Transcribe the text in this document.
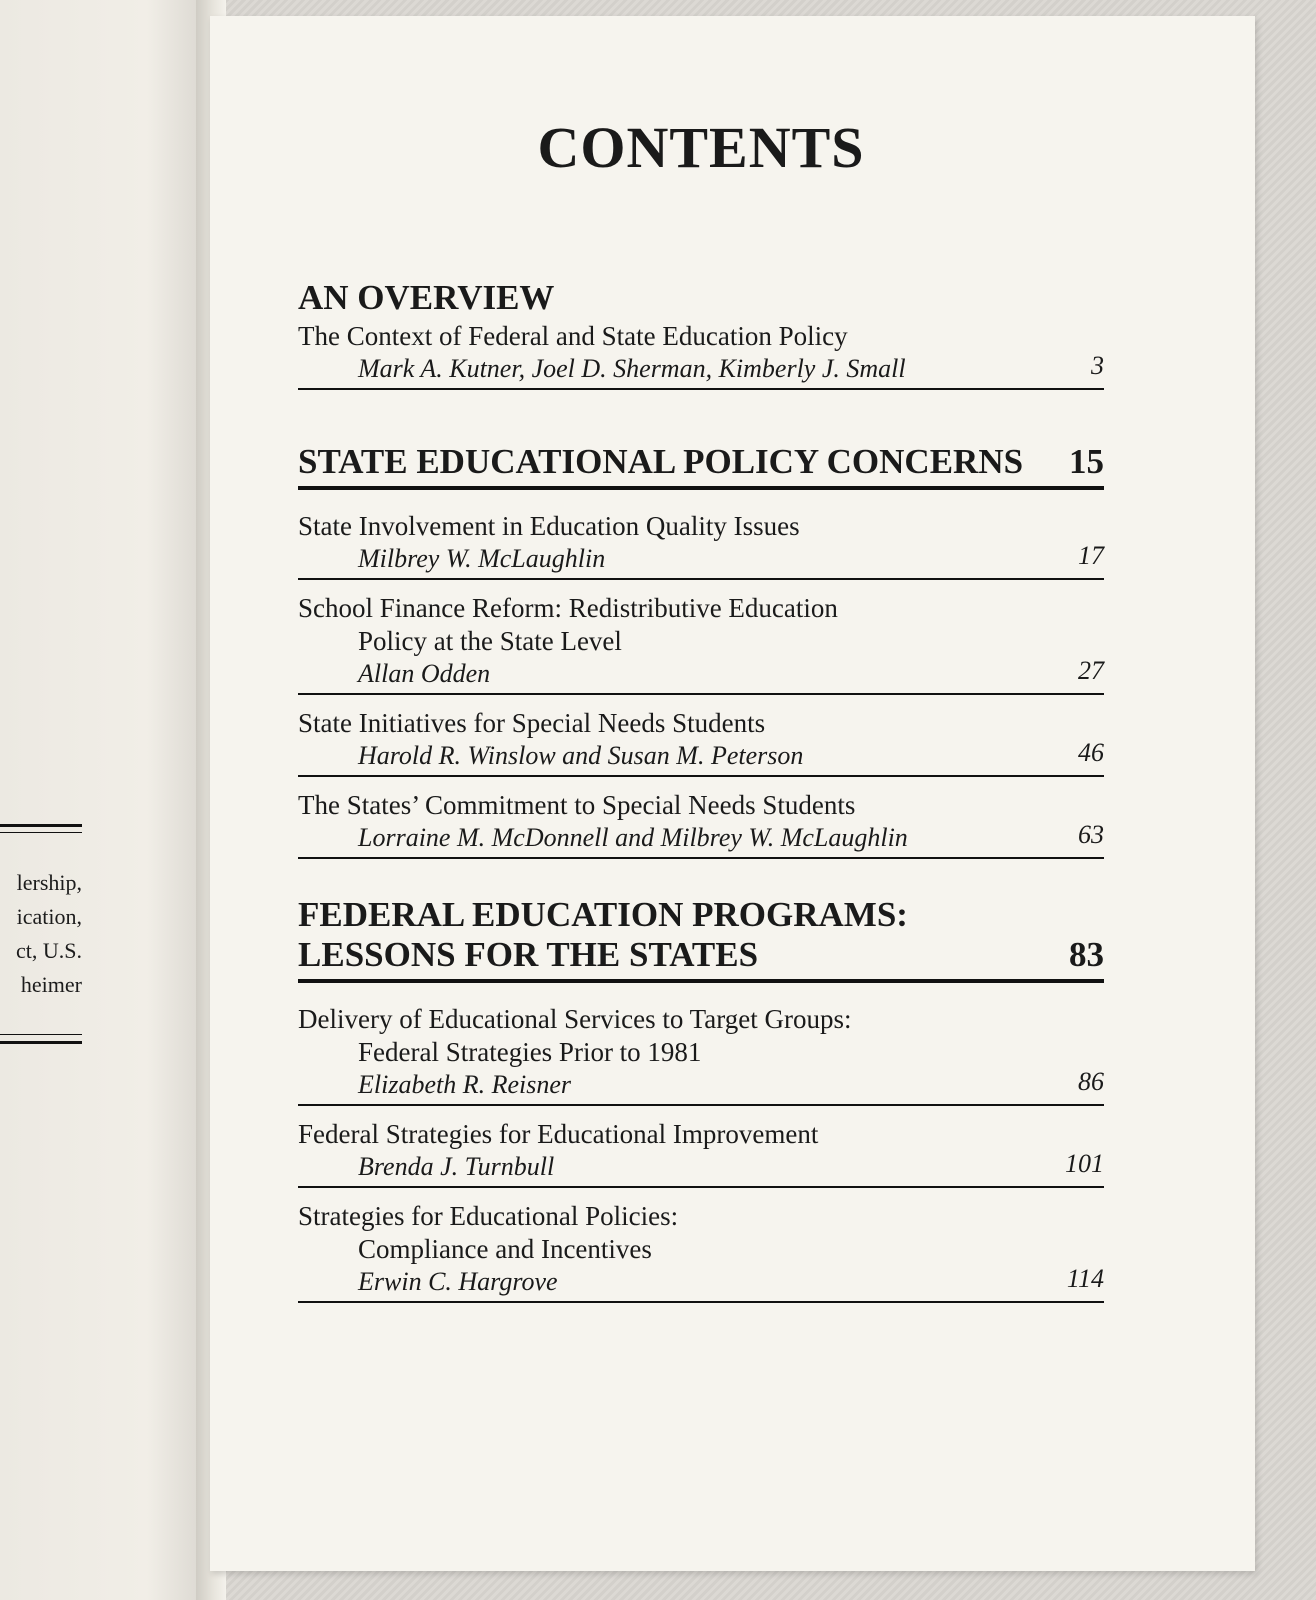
lership,
ication,
ct, U.S.
heimer
CONTENTS
AN OVERVIEW
The Context of Federal and State Education Policy
Mark A. Kutner, Joel D. Sherman, Kimberly J. Small	3
STATE EDUCATIONAL POLICY CONCERNS 15
State Involvement in Education Quality Issues
Milbrey W. McLaughlin	17
School Finance Reform: Redistributive Education
Policy at the State Level
Allan Odden	27
State Initiatives for Special Needs Students
Harold R. Winslow and Susan M. Peterson	46
The States’ Commitment to Special Needs Students
Lorraine M. McDonnell and Milbrey W. McLaughlin	63
FEDERAL EDUCATION PROGRAMS:
LESSONS FOR THE STATES	83
Delivery of Educational Services to Target Groups:
Federal Strategies Prior to 1981
Elizabeth R. Reisner	86
Federal Strategies for Educational Improvement
Brenda J. Turnbull	101
Strategies for Educational Policies:
Compliance and Incentives
Erwin C. Hargrove	114
